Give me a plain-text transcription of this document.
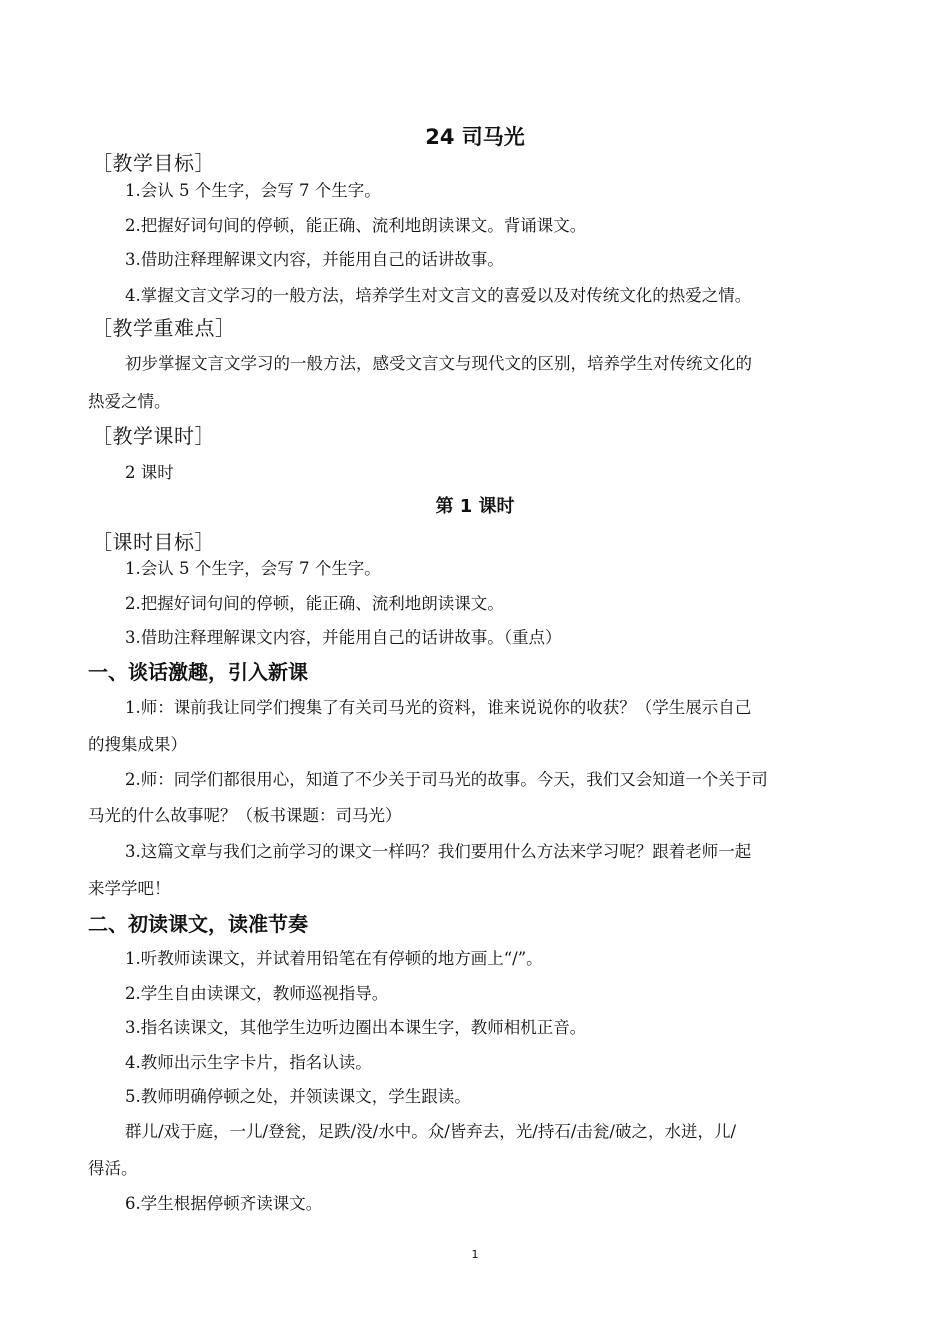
24 司马光
［教学目标］
1.会认 5 个生字，会写 7 个生字。
2.把握好词句间的停顿，能正确、流利地朗读课文。背诵课文。
3.借助注释理解课文内容，并能用自己的话讲故事。
4.掌握文言文学习的一般方法，培养学生对文言文的喜爱以及对传统文化的热爱之情。
［教学重难点］
初步掌握文言文学习的一般方法，感受文言文与现代文的区别，培养学生对传统文化的
热爱之情。
［教学课时］
2 课时
第 1 课时
［课时目标］
1.会认 5 个生字，会写 7 个生字。
2.把握好词句间的停顿，能正确、流利地朗读课文。
3.借助注释理解课文内容，并能用自己的话讲故事。（重点）
一、谈话激趣，引入新课
1.师：课前我让同学们搜集了有关司马光的资料，谁来说说你的收获？（学生展示自己
的搜集成果）
2.师：同学们都很用心，知道了不少关于司马光的故事。今天，我们又会知道一个关于司
马光的什么故事呢？（板书课题：司马光）
3.这篇文章与我们之前学习的课文一样吗？我们要用什么方法来学习呢？跟着老师一起
来学学吧！
二、初读课文，读准节奏
1.听教师读课文，并试着用铅笔在有停顿的地方画上“/”。
2.学生自由读课文，教师巡视指导。
3.指名读课文，其他学生边听边圈出本课生字，教师相机正音。
4.教师出示生字卡片，指名认读。
5.教师明确停顿之处，并领读课文，学生跟读。
群儿/戏于庭，一儿/登瓮，足跌/没/水中。众/皆弃去，光/持石/击瓮/破之，水迸，儿/
得活。
6.学生根据停顿齐读课文。
1
